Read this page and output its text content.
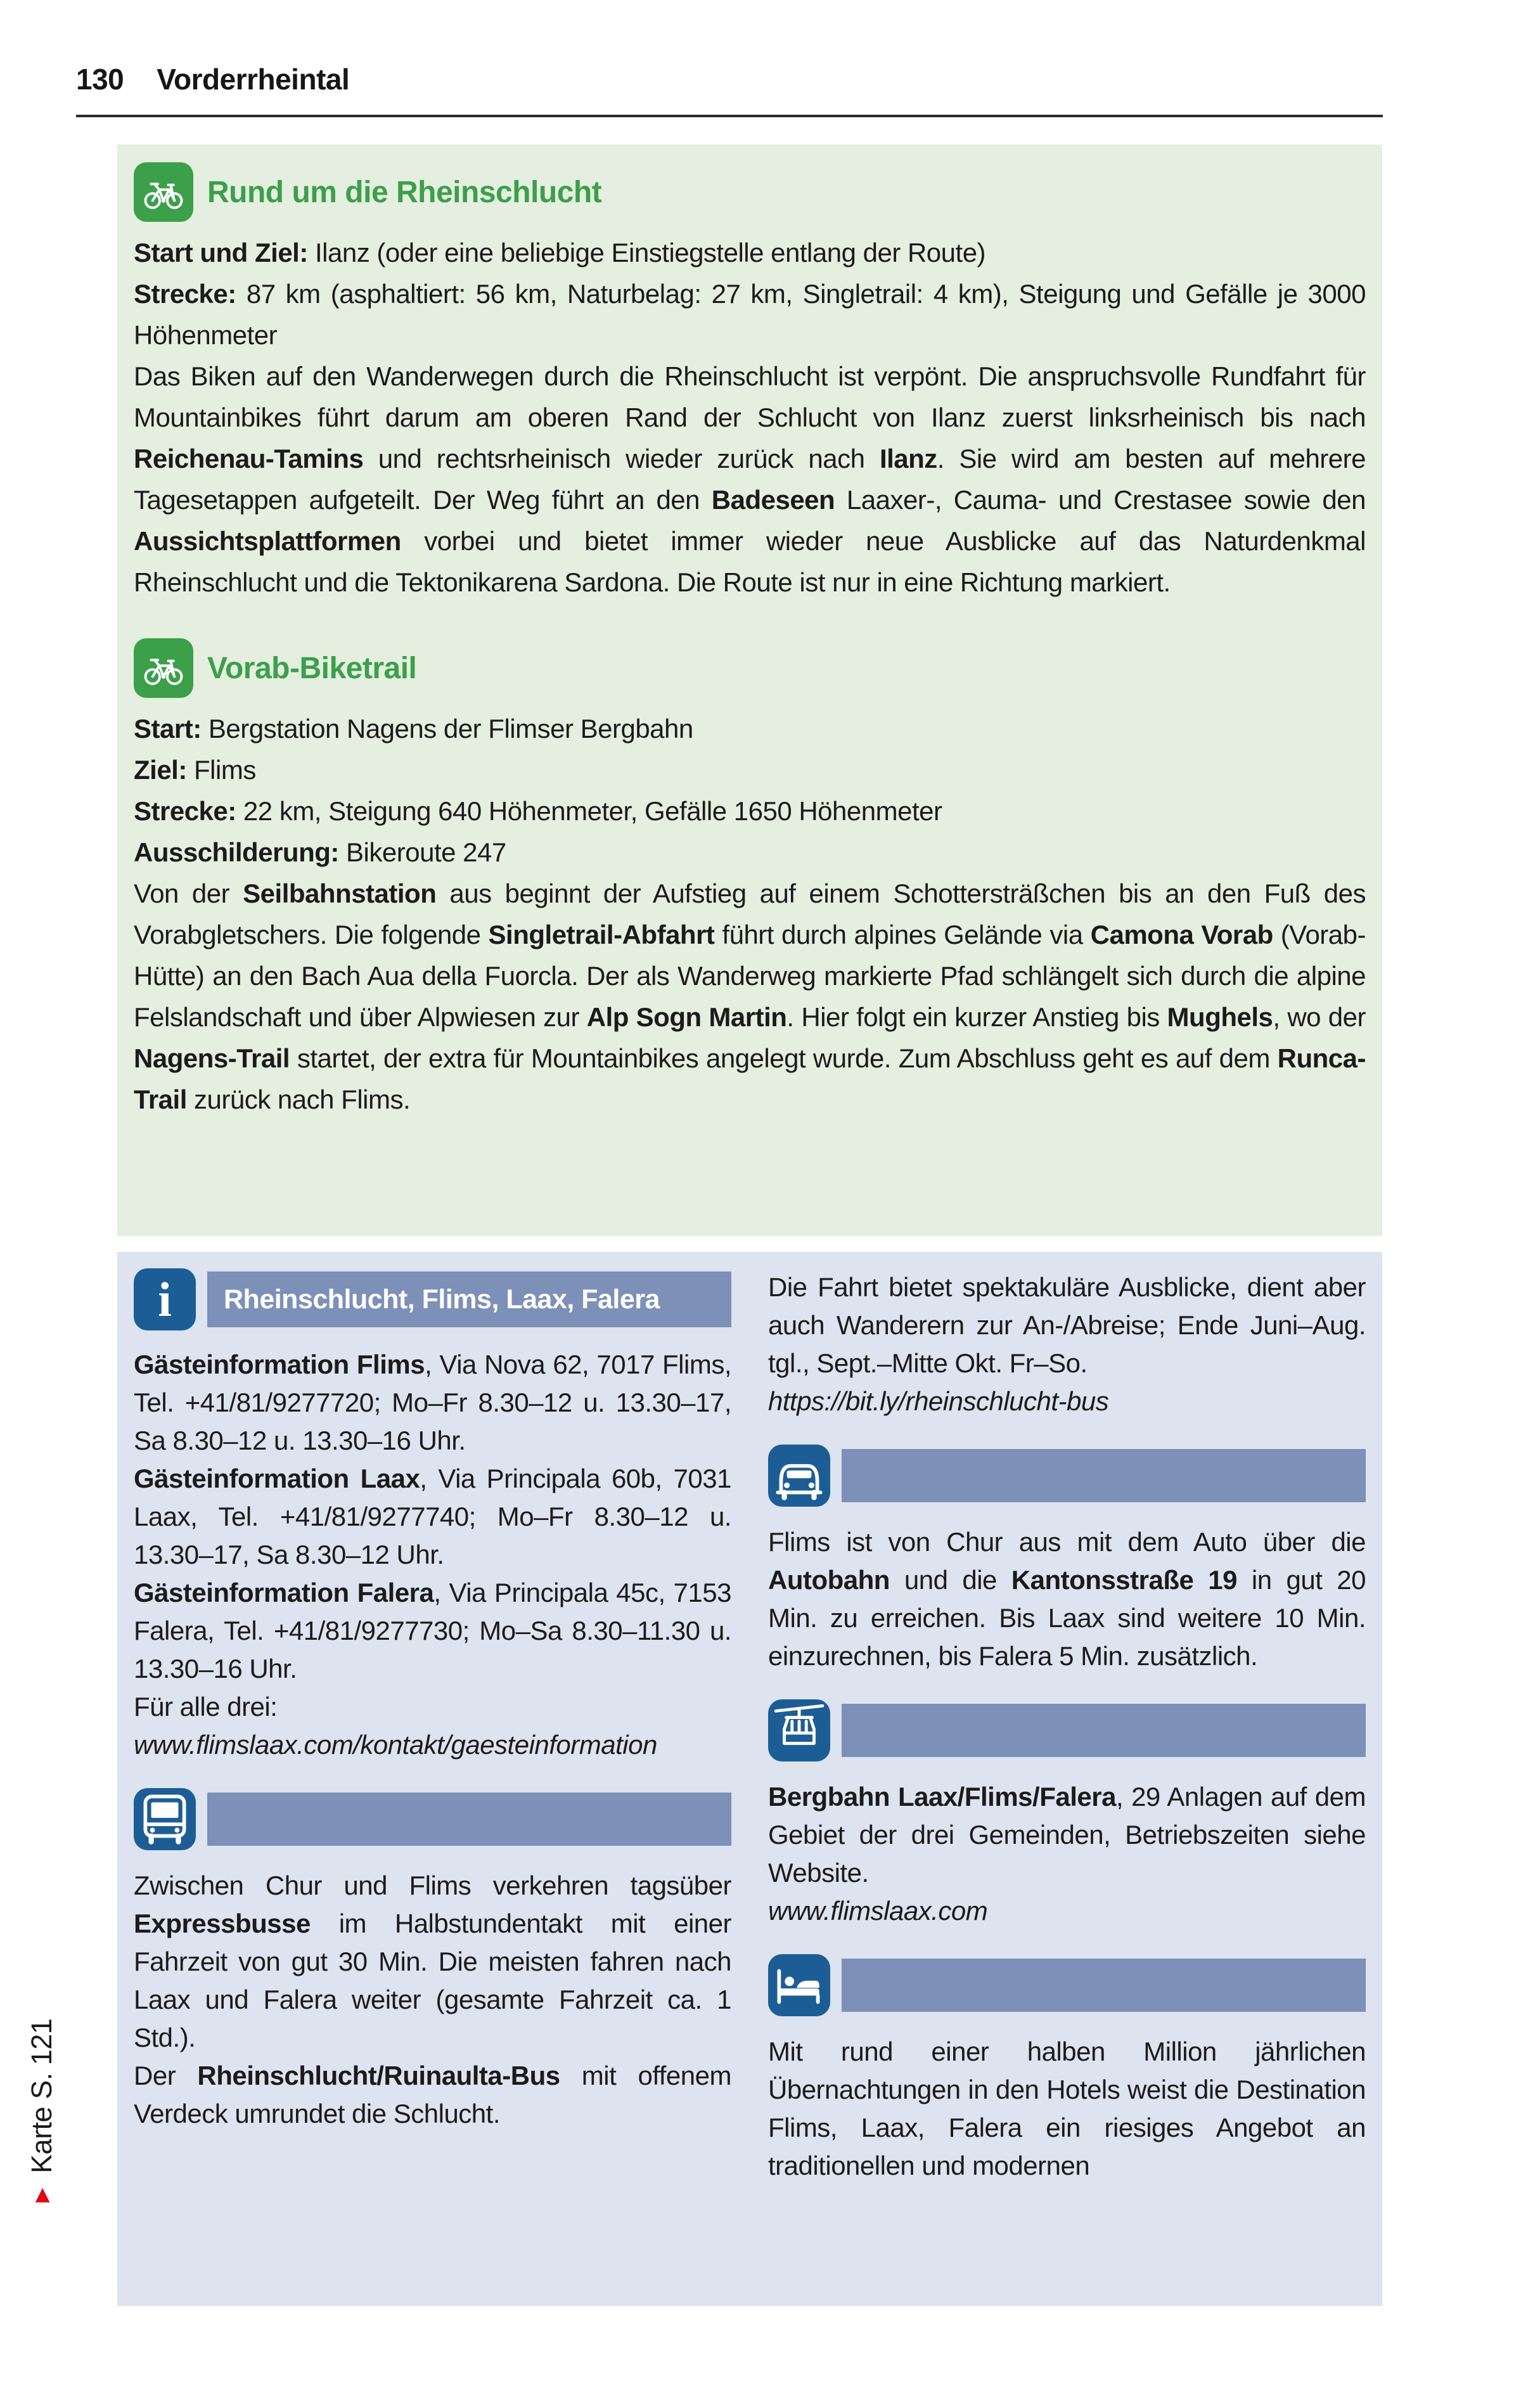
130 Vorderrheintal
Rund um die Rheinschlucht

Start und Ziel: Ilanz (oder eine beliebige Einstiegstelle entlang der Route)

Strecke: 87 km (asphaltiert: 56 km, Naturbelag: 27 km, Singletrail: 4 km), Steigung und Gefälle je 3000 Höhenmeter

Das Biken auf den Wanderwegen durch die Rheinschlucht ist verpönt. Die anspruchsvolle Rundfahrt für Mountainbikes führt darum am oberen Rand der Schlucht von Ilanz zuerst linksrheinisch bis nach Reichenau-Tamins und rechtsrheinisch wieder zurück nach Ilanz. Sie wird am besten auf mehrere Tagesetappen aufgeteilt. Der Weg führt an den Badeseen Laaxer-, Cauma- und Crestasee sowie den Aussichtsplattformen vorbei und bietet immer wieder neue Ausblicke auf das Naturdenkmal Rheinschlucht und die Tektonikarena Sardona. Die Route ist nur in eine Richtung markiert.

Vorab-Biketrail

Start: Bergstation Nagens der Flimser Bergbahn

Ziel: Flims

Strecke: 22 km, Steigung 640 Höhenmeter, Gefälle 1650 Höhenmeter

Ausschilderung: Bikeroute 247

Von der Seilbahnstation aus beginnt der Aufstieg auf einem Schottersträßchen bis an den Fuß des Vorabgletschers. Die folgende Singletrail-Abfahrt führt durch alpines Gelände via Camona Vorab (Vorab-Hütte) an den Bach Aua della Fuorcla. Der als Wanderweg markierte Pfad schlängelt sich durch die alpine Felslandschaft und über Alpwiesen zur Alp Sogn Martin. Hier folgt ein kurzer Anstieg bis Mughels, wo der Nagens-Trail startet, der extra für Mountainbikes angelegt wurde. Zum Abschluss geht es auf dem Runca-Trail zurück nach Flims.

i Rheinschlucht, Flims, Laax, Falera

Gästeinformation Flims, Via Nova 62, 7017 Flims, Tel. +41/81/9277720; Mo–Fr 8.30–12 u. 13.30–17, Sa 8.30–12 u. 13.30–16 Uhr.

Gästeinformation Laax, Via Principala 60b, 7031 Laax, Tel. +41/81/9277740; Mo–Fr 8.30–12 u. 13.30–17, Sa 8.30–12 Uhr.

Gästeinformation Falera, Via Principala 45c, 7153 Falera, Tel. +41/81/9277730; Mo–Sa 8.30–11.30 u. 13.30–16 Uhr.

Für alle drei:

www.flimslaax.com/kontakt/gaesteinformation

Zwischen Chur und Flims verkehren tagsüber Expressbusse im Halbstundentakt mit einer Fahrzeit von gut 30 Min. Die meisten fahren nach Laax und Falera weiter (gesamte Fahrzeit ca. 1 Std.).

Der Rheinschlucht/Ruinaulta-Bus mit offenem Verdeck umrundet die Schlucht.

Die Fahrt bietet spektakuläre Ausblicke, dient aber auch Wanderern zur An-/Abreise; Ende Juni–Aug. tgl., Sept.–Mitte Okt. Fr–So.

https://bit.ly/rheinschlucht-bus

Flims ist von Chur aus mit dem Auto über die Autobahn und die Kantonsstraße 19 in gut 20 Min. zu erreichen. Bis Laax sind weitere 10 Min. einzurechnen, bis Falera 5 Min. zusätzlich.

Bergbahn Laax/Flims/Falera, 29 Anlagen auf dem Gebiet der drei Gemeinden, Betriebszeiten siehe Website.

www.flimslaax.com

Mit rund einer halben Million jährlichen Übernachtungen in den Hotels weist die Destination Flims, Laax, Falera ein riesiges Angebot an traditionellen und modernen

►
Karte S. 121
